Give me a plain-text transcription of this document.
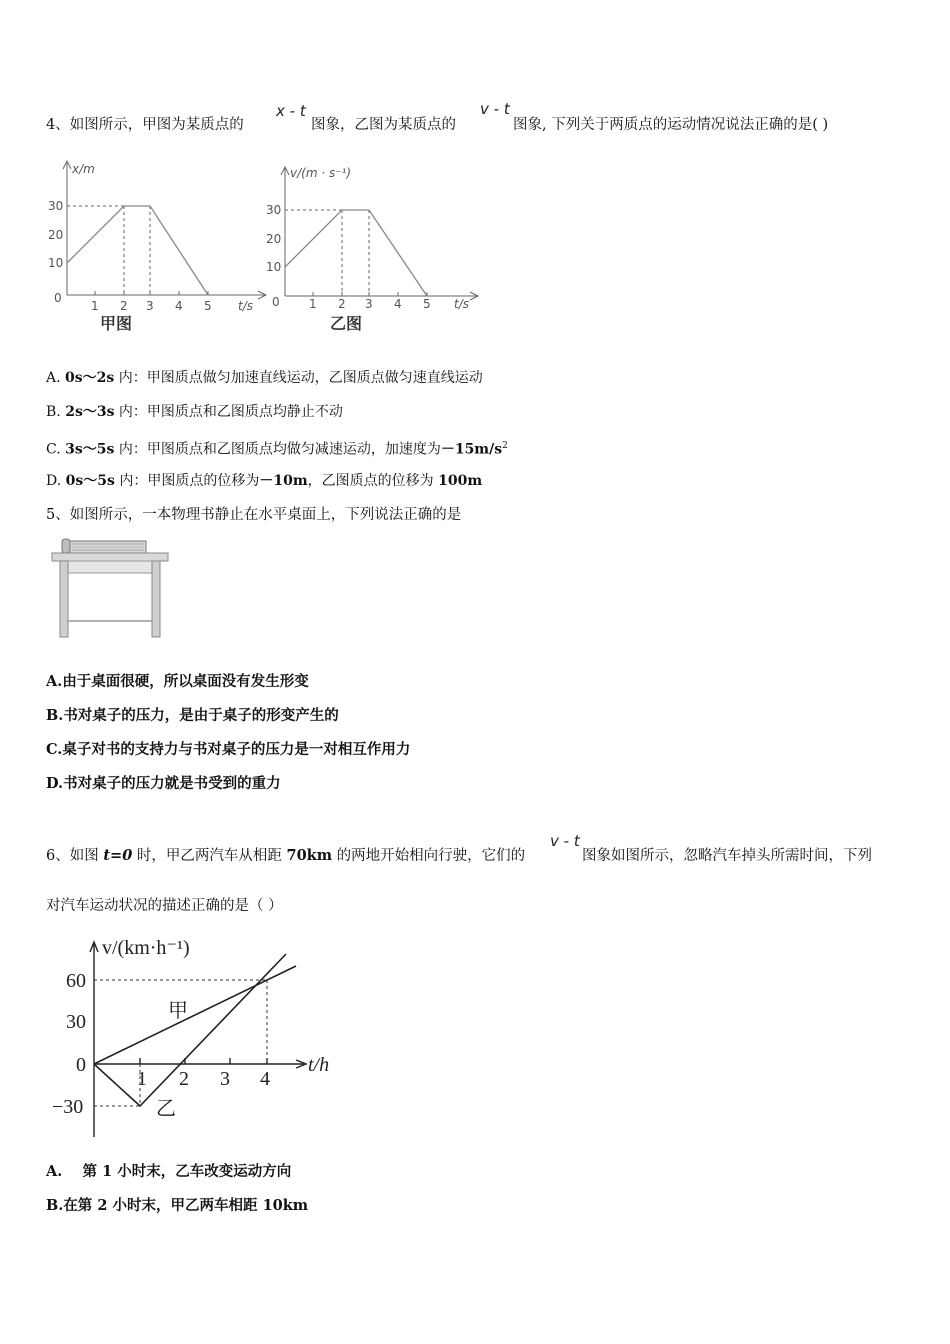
4、如图所示，甲图为某质点的
x - t
图象，乙图为某质点的
v - t
图象, 下列关于两质点的运动情况说法正确的是( )
x/m
30
20
10
0
1 2 3 4 5 t/s
甲图
v/(m · s⁻¹)
30
20
10
0 1 2 3 4 5 t/s
乙图
A. 0s～2s 内：甲图质点做匀加速直线运动，乙图质点做匀速直线运动
B. 2s～3s 内：甲图质点和乙图质点均静止不动
C. 3s～5s 内：甲图质点和乙图质点均做匀减速运动，加速度为$-15m/s^2$
D. 0s～5s 内：甲图质点的位移为－10m，乙图质点的位移为 100m
5、如图所示，一本物理书静止在水平桌面上，下列说法正确的是
A.由于桌面很硬，所以桌面没有发生形变
B.书对桌子的压力，是由于桌子的形变产生的
C.桌子对书的支持力与书对桌子的压力是一对相互作用力
D.书对桌子的压力就是书受到的重力
6、如图 t=0 时，甲乙两汽车从相距 70km 的两地开始相向行驶，它们的
v - t
图象如图所示，忽略汽车掉头所需时间，下列
对汽车运动状况的描述正确的是（ ）
v/(km·h⁻¹)
60
30
0
−30
1 2 3 4
t/h
甲
乙
A. 第 1 小时末，乙车改变运动方向
B.在第 2 小时末，甲乙两车相距 10km
